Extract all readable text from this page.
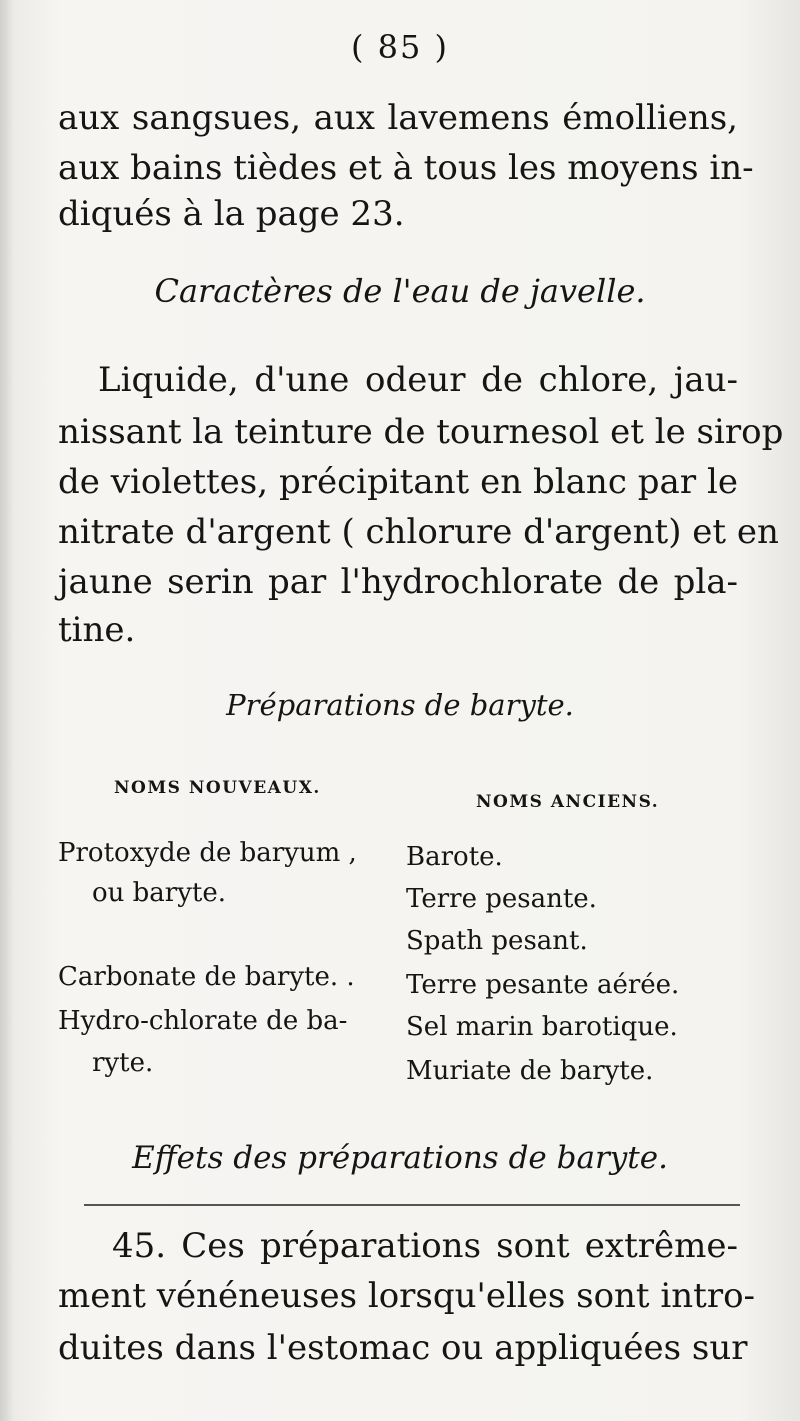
( 85 )

aux sangsues, aux lavemens émolliens,

aux bains tièdes et à tous les moyens in-

diqués à la page 23.

Caractères de l'eau de javelle.

Liquide, d'une odeur de chlore, jau-

nissant la teinture de tournesol et le sirop

de violettes, précipitant en blanc par le

nitrate d'argent ( chlorure d'argent) et en

jaune serin par l'hydrochlorate de pla-

tine.

Préparations de baryte.

NOMS NOUVEAUX.
NOMS ANCIENS.
Protoxyde de baryum ,
ou baryte.
Carbonate de baryte. .
Hydro-chlorate de ba-
ryte.
Barote.
Terre pesante.
Spath pesant.
Terre pesante aérée.
Sel marin barotique.
Muriate de baryte.

Effets des préparations de baryte.

45. Ces préparations sont extrême-

ment vénéneuses lorsqu'elles sont intro-

duites dans l'estomac ou appliquées sur
